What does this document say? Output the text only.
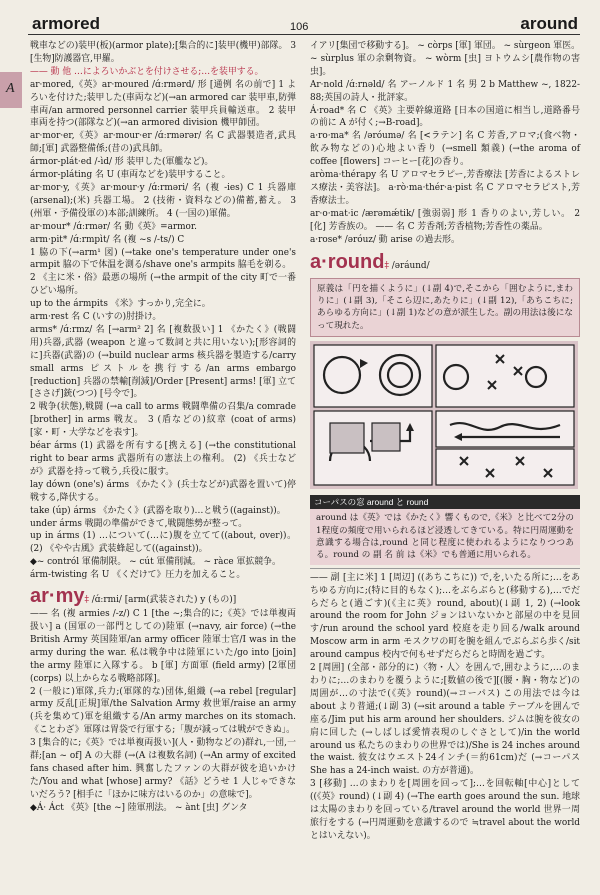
armored	106	around
A

戦車などの)装甲(板)(armor plate);[集合的に]装甲(機甲)部隊。 3 [生物]防護器官,甲羅。

—— 動 他 …によろいかぶとを付けさせる;…を装甲する。

ar·mored,《英》ar·moured /ɑ́ːrmərd/ 形 [通例 名の前で] 1 よろいを付けた;装甲した(車両など)(→an armored car 装甲車,防弾車両/an armored personnel carrier 装甲兵員輸送車。 2 装甲車両を持つ(部隊など)(→an armored division 機甲師団。

ar·mor·er,《英》ar·mour·er /ɑ́ːrmərər/ 名 C 武器製造者,武具師;[軍] 武器整備係;(昔の)武具師。

ármor-plát·ed /-ìd/ 形 装甲した(軍艦など)。

ármor-pláting 名 U (車両などを)装甲すること。

ar·mor·y,《英》ar·mour·y /ɑ́ːrməri/ 名 (複 -ies) C 1 兵器庫(arsenal);(米) 兵器工場。 2 (技術・資料などの)備蓄,蓄え。 3 (州軍・予備役軍の)本部;訓練所。 4 (一国の)軍備。

ar·mour* /ɑ́ːrmər/ 名 動《英》=armor.

arm·pit* /ɑ́ːrmpìt/ 名 (複 ~s /-ts/) C

1 脇の下(→arm¹ 図) (→take one's temperature under one's armpit 脇の下で体温を測る/shave one's armpits 脇毛を剃る。

2 《主に米・俗》最悪の場所 (→the armpit of the city 町で一番ひどい場所。

up to the ármpits 《米》すっかり,完全に。

arm·rest 名 C (いすの)肘掛け。

arms* /ɑ́ːrmz/ 名 [→arm² 2] 名 [複数扱い] 1 《かたく》(戦闘用)兵器,武器 (weapon と違って数詞と共に用いない);[形容詞的に]兵器(武器)の (→build nuclear arms 核兵器を製造する/carry small arms ピストルを携行する/an arms embargo [reduction] 兵器の禁輸[削減]/Order [Present] arms! [軍] 立て[ささげ]銃(つつ) [号令で]。

2 戦争(状態),戦闘 (→a call to arms 戦闘準備の召集/a comrade [brother] in arms 戦友。 3 (盾などの)紋章 (coat of arms) [家・町・大学などを表す]。

béar árms (1) 武器を所有する[携える] (→the constitutional right to bear arms 武器所有の憲法上の権利。 (2) 《兵士などが》武器を持って戦う,兵役に服す。

lay dówn (one's) árms 《かたく》(兵士などが)武器を置いて)停戦する,降伏する。

take (úp) árms 《かたく》(武器を取り)…と戦う((against))。

under árms 戦闘の準備ができて,戦闘態勢が整って。

up in árms (1) …について(…に)腹を立てて((about, over))。 (2) 《やや古風》武装蜂起して((against))。

◆~ contról 軍備制限。 ~ cút 軍備削減。 ~ ràce 軍拡競争。

árm-twisting 名 U 《くだけて》圧力を加えること。

ar·my‡ /ɑ́ːrmi/ [arm(武装された) y (もの)]

—— 名 (複 armies /-z/) C 1 [the ~;集合的に;《英》では単複両扱い] a (国軍の一部門としての)陸軍 (→navy, air force) (→the British Army 英国陸軍/an army officer 陸軍士官/I was in the army during the war. 私は戦争中は陸軍にいた/go into [join] the army 陸軍に入隊する。 b [軍] 方面軍 (field army) [2軍団 (corps) 以上からなる戦略部隊]。

2 (一般に)軍隊,兵力;(軍隊的な)団体,組織 (→a rebel [regular] army 反乱[正規]軍/the Salvation Army 救世軍/raise an army (兵を集めて)軍を組織する/An army marches on its stomach. 《ことわざ》軍隊は胃袋で行軍する;「腹が減っては戦ができぬ」。

3 [集合的に;《英》では単複両扱い](人・動物などの)群れ,一団,一群;[an ~ of] A の大群 (→(A は複数名詞) (→An army of excited fans chased after him. 興奮したファンの大群が彼を追いかけた/You and what [whose] army? 《話》どうせ 1 人じゃできないだろう? [相手に「ほかに味方はいるのか」の意味で]。

◆Á· Áct 《英》[the ~] 陸軍刑法。 ~ ànt [虫] グンタ

イアリ[集団で移動する]。 ~ còrps [軍] 軍団。 ~ sùrgeon 軍医。 ~ sùrplus 軍の余剰物資。 ~ wòrm [虫] ヨトウムシ[農作物の害虫]。

Ar·nold /ɑ́ːrnəld/ 名 アーノルド 1 名 男 2 b Matthew ~, 1822-88;英国の詩人・批評家。

Á·road* 名 C 《英》主要幹線道路 [日本の国道に相当し,道路番号の前に A が付く;→B-road]。

a·ro·ma* 名 /əróumə/ 名 [<ラテン] 名 C 芳香,アロマ;(食べ物・飲み物などの)心地よい香り (→smell 類義) (→the aroma of coffee [flowers] コーヒー[花]の香り。

aròma·thérapy 名 U アロマセラピー,芳香療法 [芳香によるストレス療法・美容法]。 a·rò·ma·thér·a·pist 名 C アロマセラピスト,芳香療法士。

ar·o·mat·ic /ærəmǽtik/ [強弱弱] 形 1 香りのよい,芳しい。 2 [化] 芳香族の。 —— 名 C 芳香剤;芳香植物;芳香性の薬品。

a·rose* /əróuz/ 動 arise の過去形。

a·round‡ /əráund/
原義は「円を描くように」(↓副 4)で,そこから「囲むように,まわりに」(↓副 3),「そこら辺に,あたりに」(↓副 12),「あちこちに;あらゆる方向に」(↓副 1)などの意が派生した。副の用法は後になって現れた。
コーパスの窓 around と round
around は《英》では《かたく》響くもので,《米》と比べて2分の1程度の頻度で用いられるほど浸透してきている。特に円周運動を意識する場合は,round と同じ程度に使われるようになりつつある。round の 副 名 前 は《米》でも普通に用いられる。

—— 副 [主に米] 1 [周辺] ((あちこちに)) で,を,いたる所に;…をあちゆる方向に;(特に目的もなく);…をぶらぶらと(移動する),…でだらだらと(過ごす)(《主に英》round, about)(↓副 1, 2) (→look around the room for John ジョンはいないかと部屋の中を見回す/run around the school yard 校庭を走り回る/walk around Moscow arm in arm モスクワの町を腕を組んでぶらぶら歩く/sit around campus 校内で何もせずだらだらと時間を過ごす。

2 [周囲] (全部・部分的に)〈物・人〉を囲んで,囲むように,…のまわりに;…のまわりを覆うように;[数値の後で][(腰・胸・物など)の周囲が…の寸法で(《英》round)(→コーパス) この用法では今は about より普通;(↓副 3) (→sit around a table テーブルを囲んで座る/Jim put his arm around her shoulders. ジムは腕を彼女の肩に回した (→しばしば愛情表現のしぐさとして)/in the world around us 私たちのまわりの世界では)/She is 24 inches around the waist. 彼女はウエスト24インチ(＝約61cm)だ (→コーパス She has a 24-inch waist. の方が普通)。

3 [移動] …のまわりを[周囲を回って];…を回転軸[中心]として((《英》round) (↓副 4) (→The earth goes around the sun. 地球は太陽のまわりを回っている/travel around the world 世界一周旅行をする (→円周運動を意識するので ≒travel about the world とはいえない)。
